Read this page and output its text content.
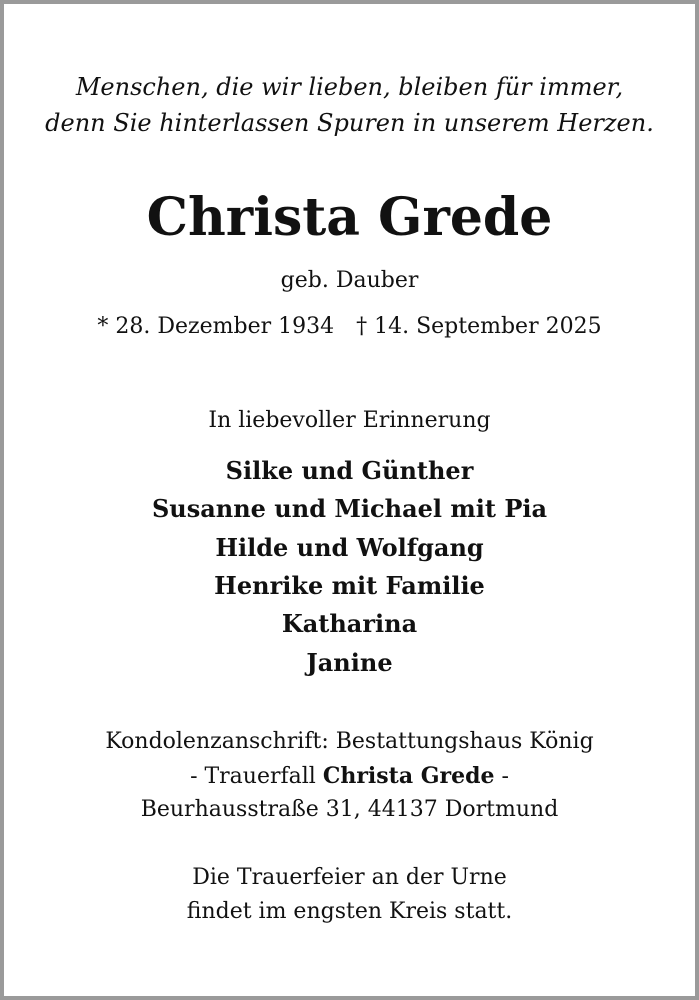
Menschen, die wir lieben, bleiben für immer,

denn Sie hinterlassen Spuren in unserem Herzen.

Christa Grede

geb. Dauber

* 28. Dezember 1934 † 14. September 2025

In liebevoller Erinnerung

Silke und Günther

Susanne und Michael mit Pia

Hilde und Wolfgang

Henrike mit Familie

Katharina

Janine

Kondolenzanschrift: Bestattungshaus König

- Trauerfall Christa Grede -

Beurhausstraße 31, 44137 Dortmund

Die Trauerfeier an der Urne

findet im engsten Kreis statt.
